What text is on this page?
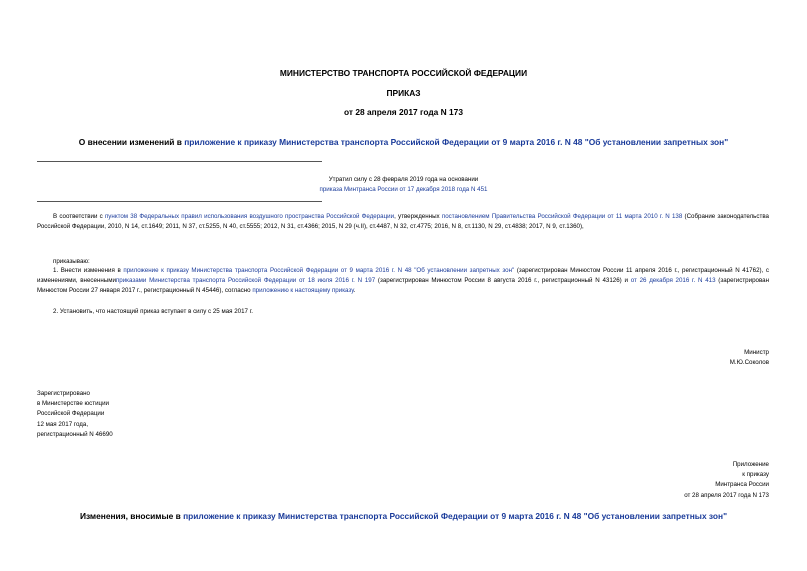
МИНИСТЕРСТВО ТРАНСПОРТА РОССИЙСКОЙ ФЕДЕРАЦИИ
ПРИКАЗ
от 28 апреля 2017 года N 173
О внесении изменений в приложение к приказу Министерства транспорта Российской Федерации от 9 марта 2016 г. N 48 "Об установлении запретных зон"
Утратил силу с 28 февраля 2019 года на основании
приказа Минтранса России от 17 декабря 2018 года N 451
В соответствии с пунктом 38 Федеральных правил использования воздушного пространства Российской Федерации, утвержденных постановлением Правительства Российской Федерации от 11 марта 2010 г. N 138 (Собрание законодательства Российской Федерации, 2010, N 14, ст.1649; 2011, N 37, ст.5255, N 40, ст.5555; 2012, N 31, ст.4366; 2015, N 29 (ч.II), ст.4487, N 32, ст.4775; 2016, N 8, ст.1130, N 29, ст.4838; 2017, N 9, ст.1360),
приказываю:
1. Внести изменения в приложение к приказу Министерства транспорта Российской Федерации от 9 марта 2016 г. N 48 "Об установлении запретных зон" (зарегистрирован Минюстом России 11 апреля 2016 г., регистрационный N 41762), с изменениями, внесеннымиприказами Министерства транспорта Российской Федерации от 18 июля 2016 г. N 197 (зарегистрирован Минюстом России 8 августа 2016 г., регистрационный N 43126) и от 26 декабря 2016 г. N 413 (зарегистрирован Минюстом России 27 января 2017 г., регистрационный N 45446), согласно приложению к настоящему приказу.
2. Установить, что настоящий приказ вступает в силу с 25 мая 2017 г.
Министр
М.Ю.Соколов
Зарегистрировано
в Министерстве юстиции
Российской Федерации
12 мая 2017 года,
регистрационный N 46690
Приложение
к приказу
Минтранса России
от 28 апреля 2017 года N 173
Изменения, вносимые в приложение к приказу Министерства транспорта Российской Федерации от 9 марта 2016 г. N 48 "Об установлении запретных зон"
